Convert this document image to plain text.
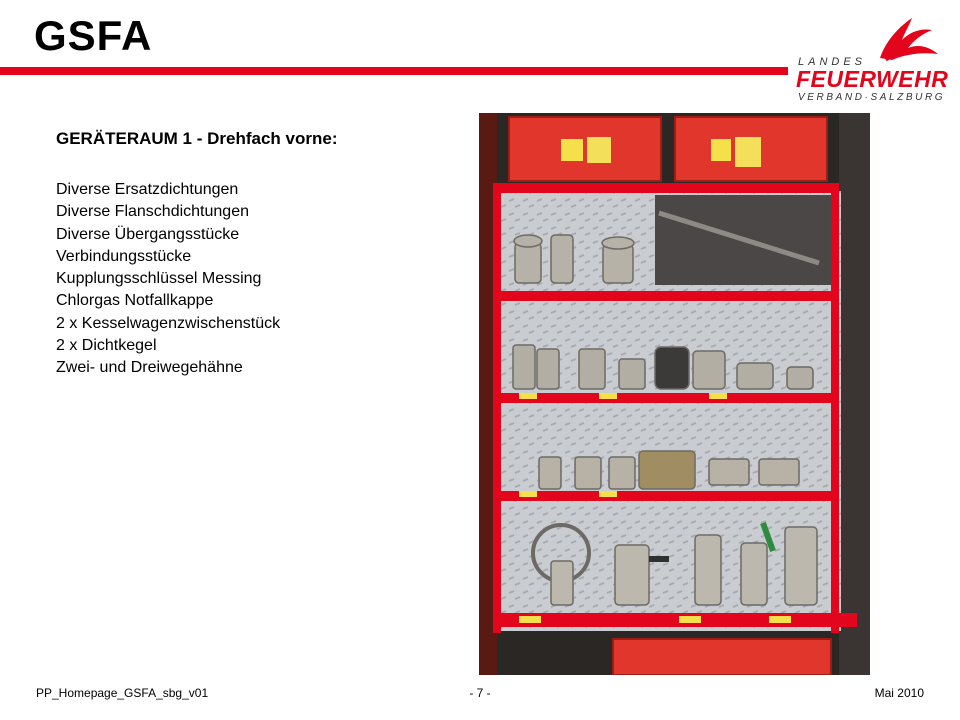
GSFA
LANDES
FEUERWEHR
VERBAND·SALZBURG
GERÄTERAUM 1 - Drehfach vorne:
Diverse Ersatzdichtungen
Diverse Flanschdichtungen
Diverse Übergangsstücke
Verbindungsstücke
Kupplungsschlüssel Messing
Chlorgas Notfallkappe
2 x Kesselwagenzwischenstück
2 x Dichtkegel
Zwei- und Dreiwegehähne
PP_Homepage_GSFA_sbg_v01	- 7 -	Mai 2010
